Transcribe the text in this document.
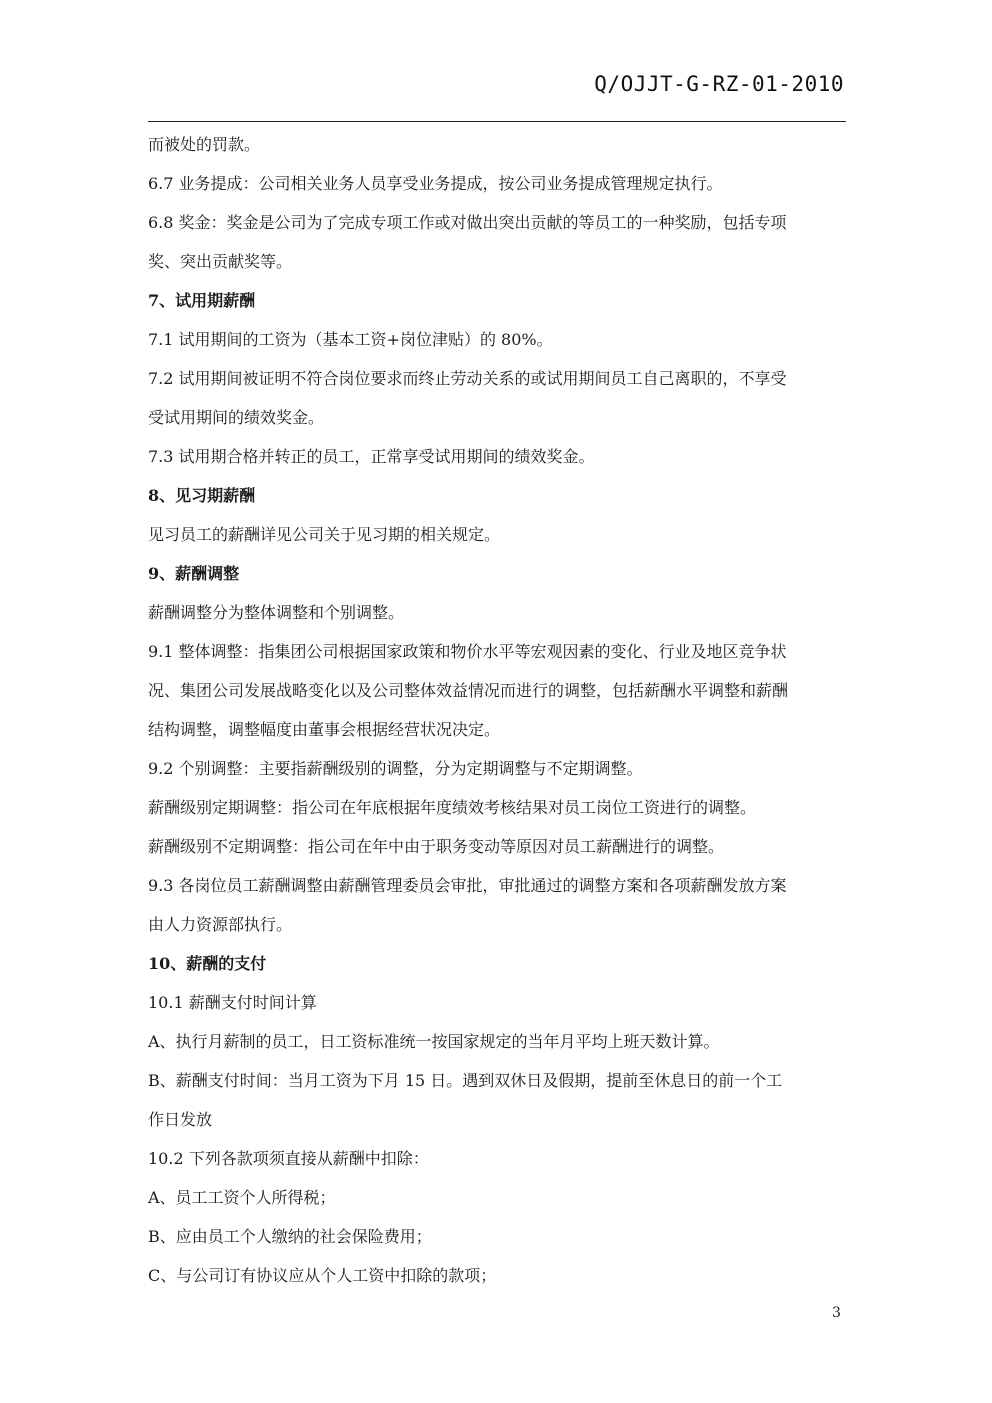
Q/OJJT-G-RZ-01-2010

而被处的罚款。

6.7 业务提成：公司相关业务人员享受业务提成，按公司业务提成管理规定执行。

6.8 奖金：奖金是公司为了完成专项工作或对做出突出贡献的等员工的一种奖励，包括专项

奖、突出贡献奖等。

7、试用期薪酬

7.1 试用期间的工资为（基本工资+岗位津贴）的 80%。

7.2 试用期间被证明不符合岗位要求而终止劳动关系的或试用期间员工自己离职的，不享受

受试用期间的绩效奖金。

7.3 试用期合格并转正的员工，正常享受试用期间的绩效奖金。

8、见习期薪酬

见习员工的薪酬详见公司关于见习期的相关规定。

9、薪酬调整

薪酬调整分为整体调整和个别调整。

9.1 整体调整：指集团公司根据国家政策和物价水平等宏观因素的变化、行业及地区竞争状

况、集团公司发展战略变化以及公司整体效益情况而进行的调整，包括薪酬水平调整和薪酬

结构调整，调整幅度由董事会根据经营状况决定。

9.2 个别调整：主要指薪酬级别的调整，分为定期调整与不定期调整。

薪酬级别定期调整：指公司在年底根据年度绩效考核结果对员工岗位工资进行的调整。

薪酬级别不定期调整：指公司在年中由于职务变动等原因对员工薪酬进行的调整。

9.3 各岗位员工薪酬调整由薪酬管理委员会审批，审批通过的调整方案和各项薪酬发放方案

由人力资源部执行。

10、薪酬的支付

10.1 薪酬支付时间计算

A、执行月薪制的员工，日工资标准统一按国家规定的当年月平均上班天数计算。

B、薪酬支付时间：当月工资为下月 15 日。遇到双休日及假期，提前至休息日的前一个工

作日发放

10.2 下列各款项须直接从薪酬中扣除：

A、员工工资个人所得税；

B、应由员工个人缴纳的社会保险费用；

C、与公司订有协议应从个人工资中扣除的款项；

3
